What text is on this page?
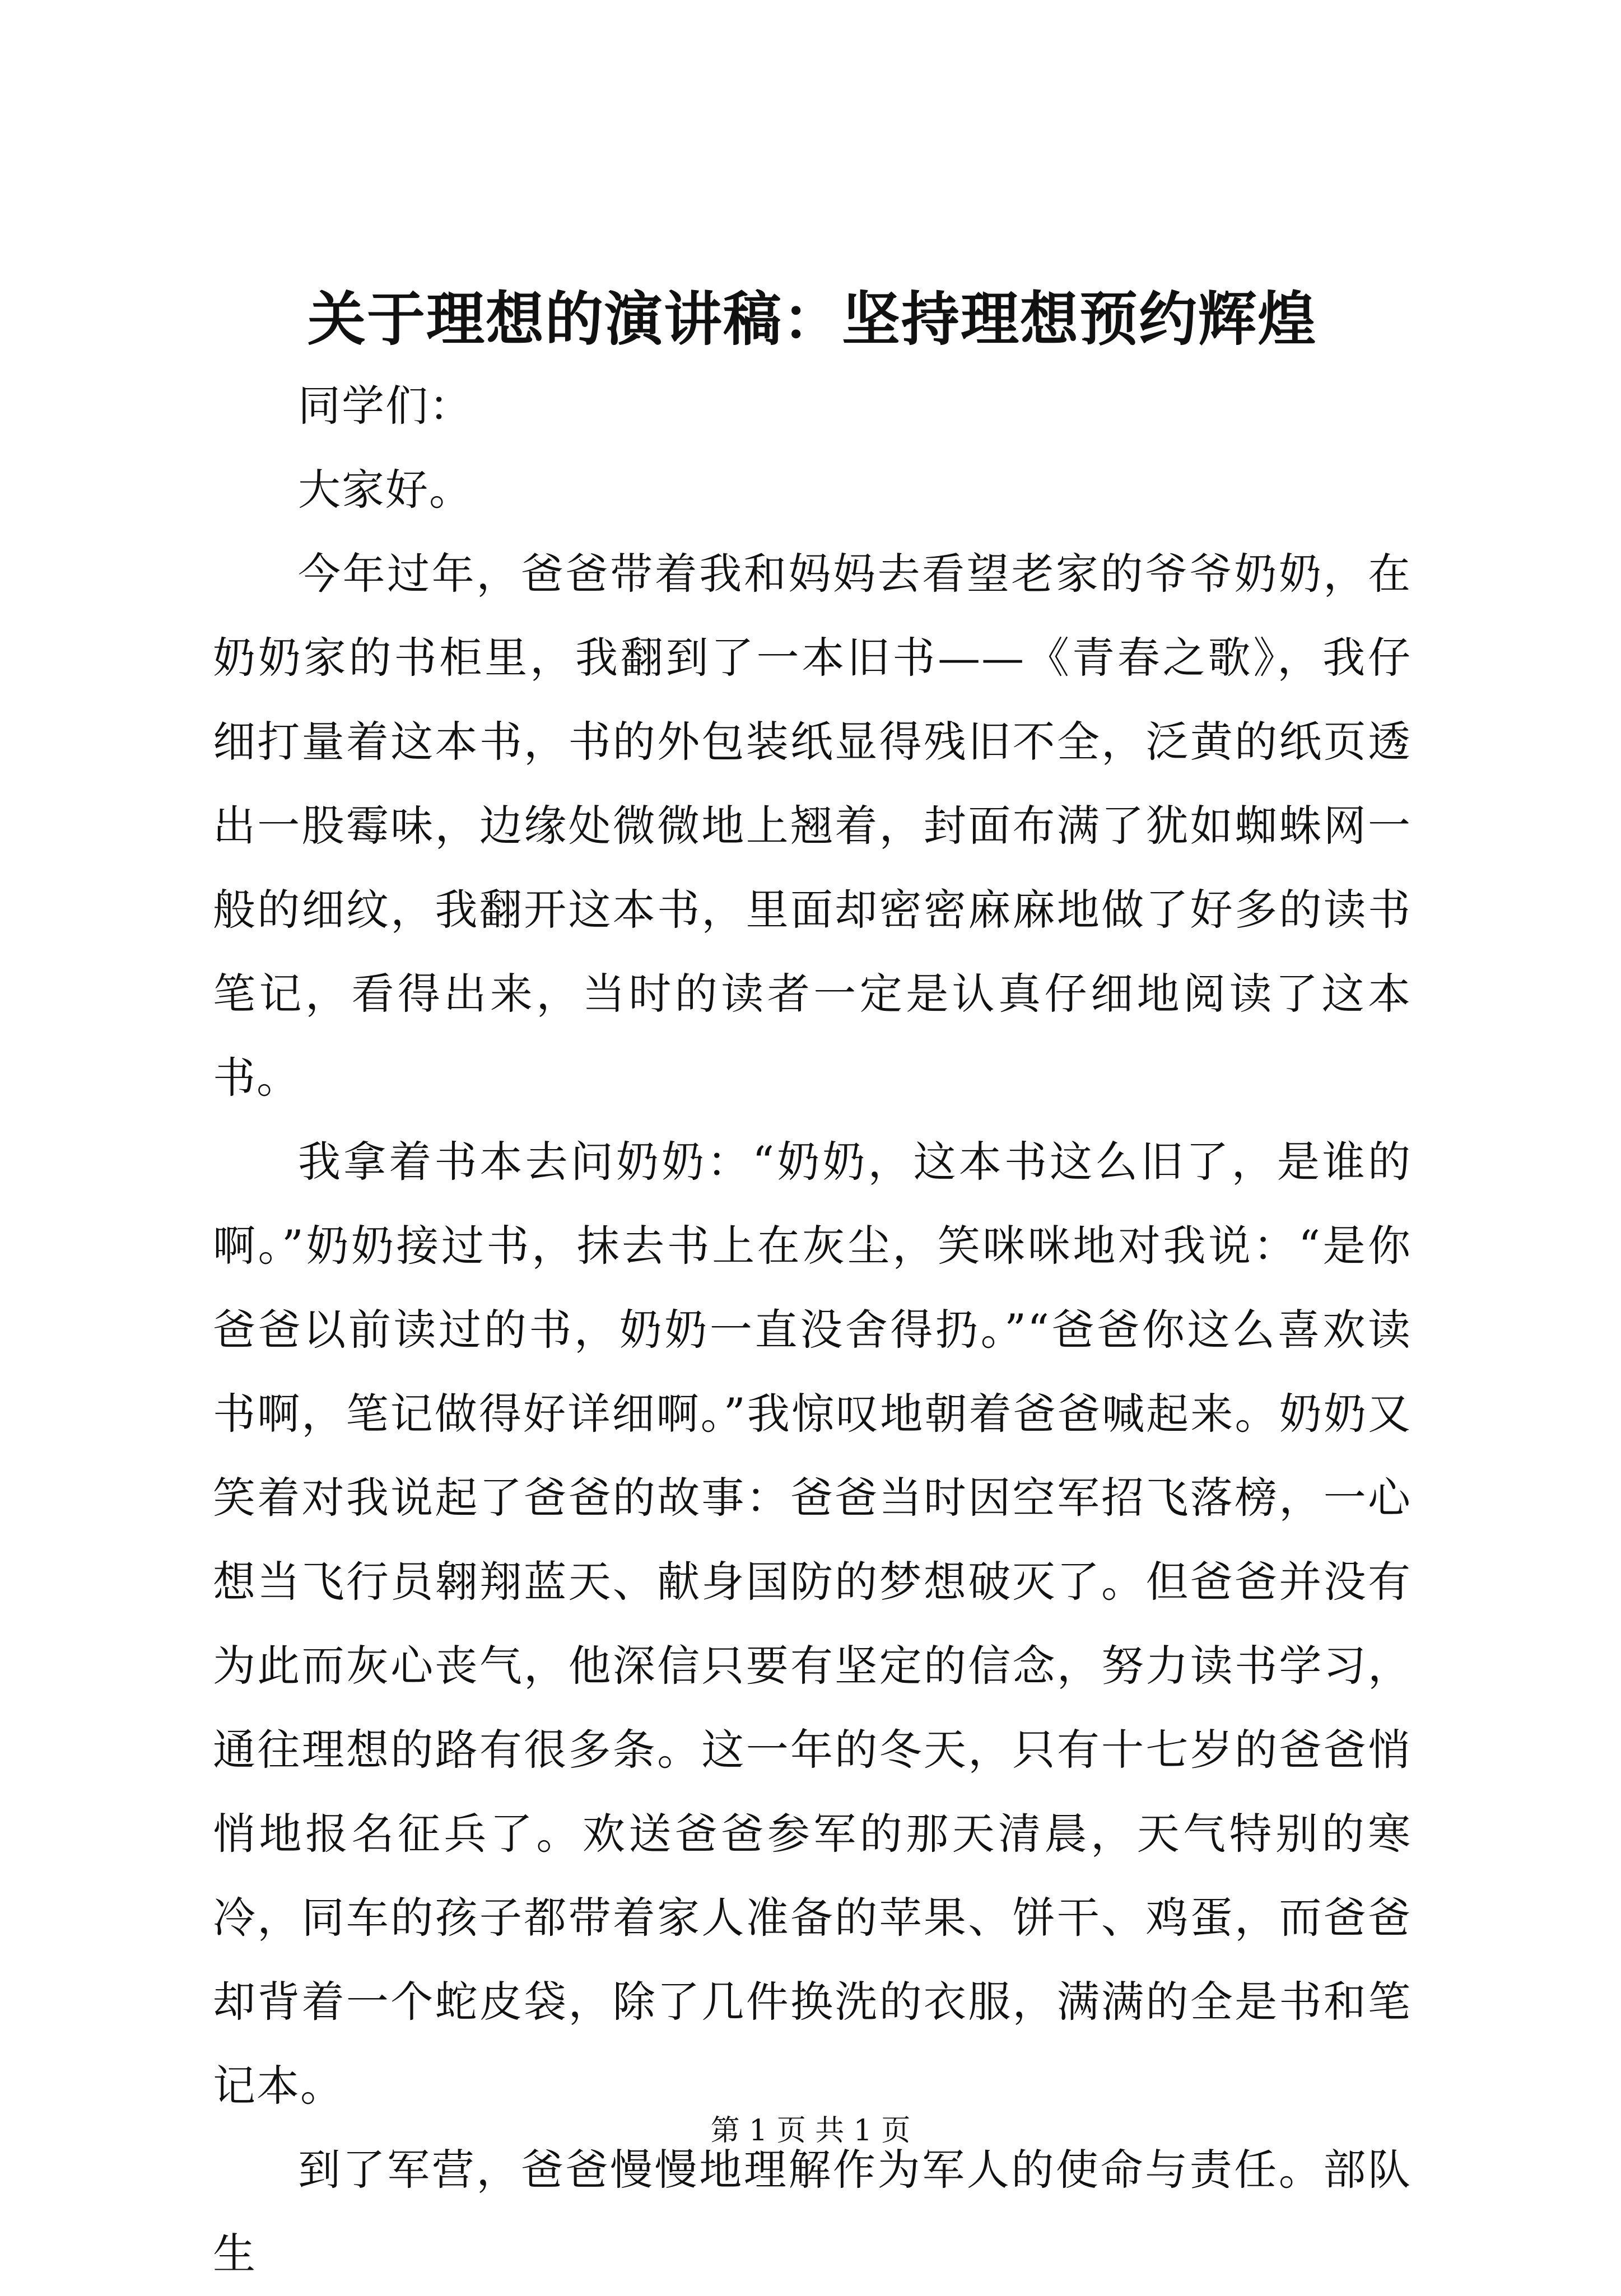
关于理想的演讲稿：坚持理想预约辉煌

同学们：

大家好。

今年过年，爸爸带着我和妈妈去看望老家的爷爷奶奶，在奶奶家的书柜里，我翻到了一本旧书——《青春之歌》，我仔细打量着这本书，书的外包装纸显得残旧不全，泛黄的纸页透出一股霉味，边缘处微微地上翘着，封面布满了犹如蜘蛛网一般的细纹，我翻开这本书，里面却密密麻麻地做了好多的读书笔记，看得出来，当时的读者一定是认真仔细地阅读了这本书。

我拿着书本去问奶奶：“奶奶，这本书这么旧了，是谁的啊。”奶奶接过书，抹去书上在灰尘，笑咪咪地对我说：“是你爸爸以前读过的书，奶奶一直没舍得扔。”“爸爸你这么喜欢读书啊，笔记做得好详细啊。”我惊叹地朝着爸爸喊起来。奶奶又笑着对我说起了爸爸的故事：爸爸当时因空军招飞落榜，一心想当飞行员翱翔蓝天、献身国防的梦想破灭了。但爸爸并没有为此而灰心丧气，他深信只要有坚定的信念，努力读书学习，通往理想的路有很多条。这一年的冬天，只有十七岁的爸爸悄悄地报名征兵了。欢送爸爸参军的那天清晨，天气特别的寒冷，同车的孩子都带着家人准备的苹果、饼干、鸡蛋，而爸爸却背着一个蛇皮袋，除了几件换洗的衣服，满满的全是书和笔记本。

到了军营，爸爸慢慢地理解作为军人的使命与责任。部队生

第 1 页 共 1 页
